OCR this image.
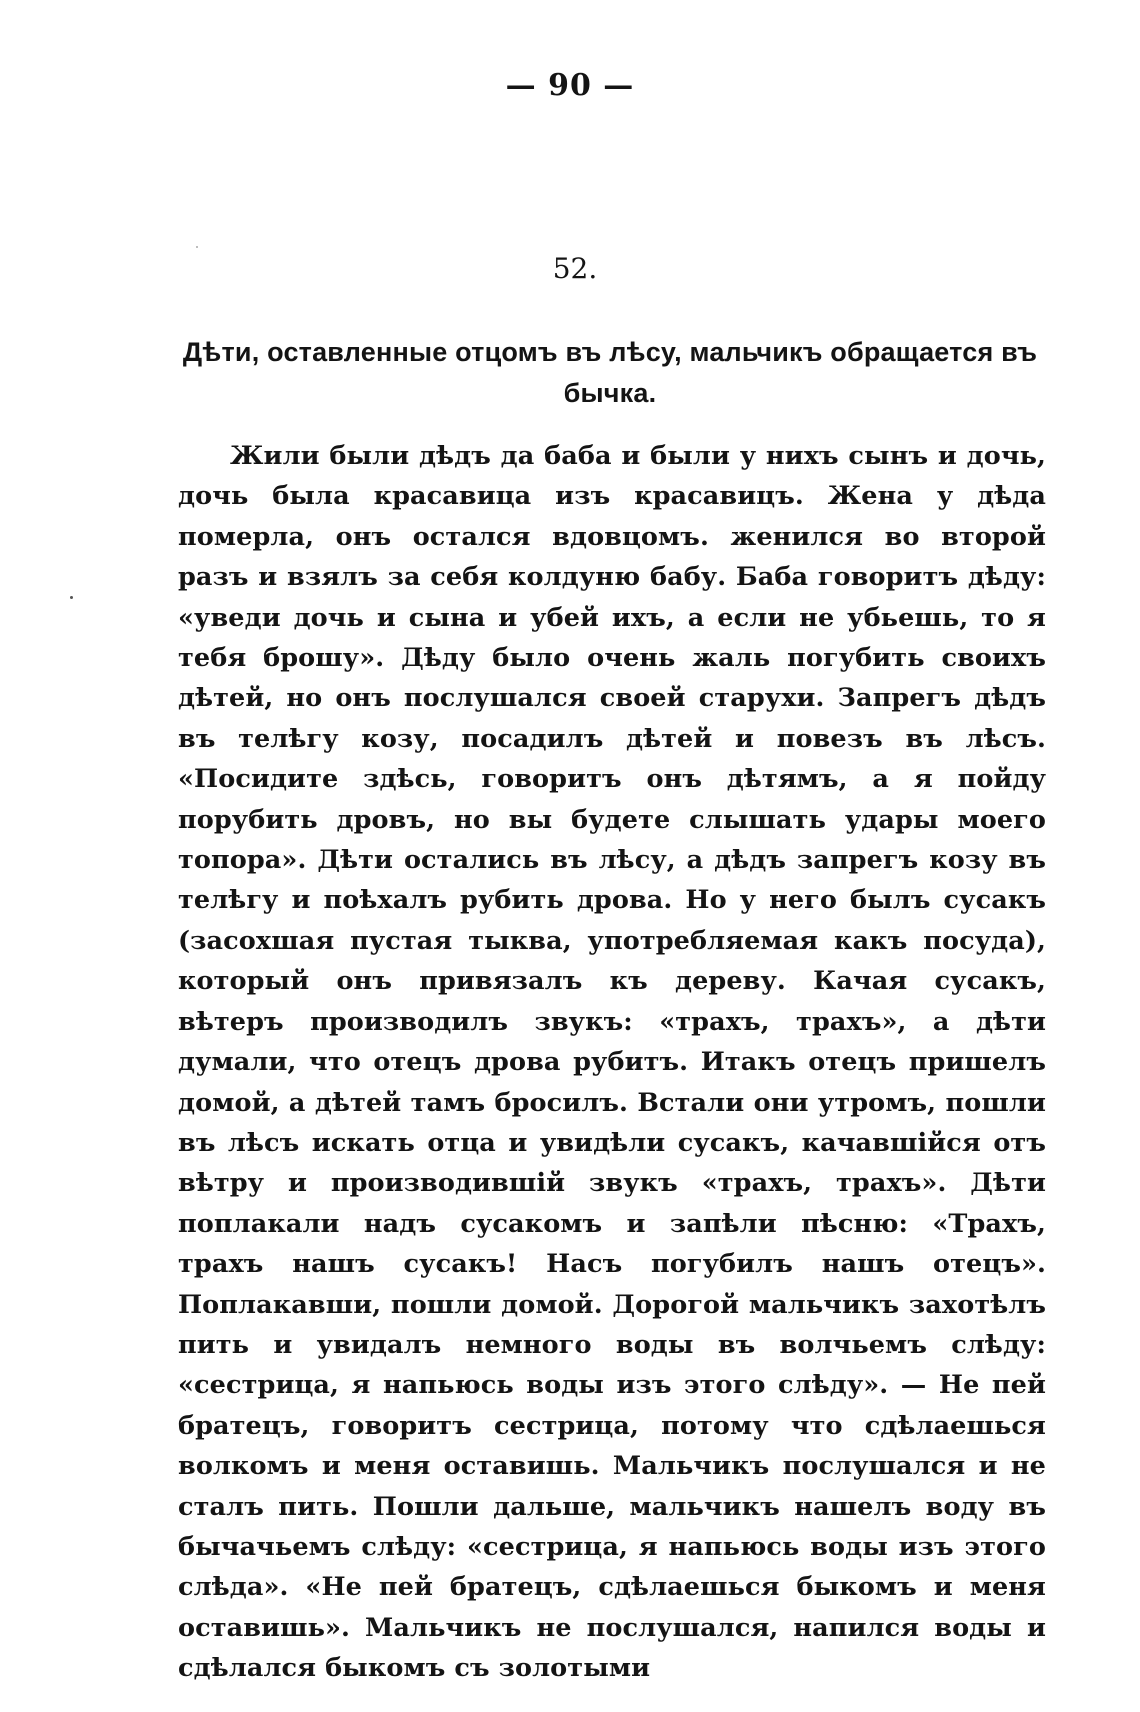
— 90 —
52.
Дѣти, оставленные отцомъ въ лѣсу, мальчикъ обращается въ бычка.

Жили были дѣдъ да баба и были у нихъ сынъ и дочь, дочь была красавица изъ красавицъ. Жена у дѣда померла, онъ остался вдовцомъ. женился во второй разъ и взялъ за себя колдуню бабу. Баба говоритъ дѣду: «уведи дочь и сына и убей ихъ, а если не убьешь, то я тебя брошу». Дѣду было очень жаль погубить своихъ дѣтей, но онъ послушался своей старухи. Запрегъ дѣдъ въ телѣгу козу, посадилъ дѣтей и повезъ въ лѣсъ. «Посидите здѣсь, говоритъ онъ дѣтямъ, а я пойду порубить дровъ, но вы будете слышать удары моего топора». Дѣти остались въ лѣсу, а дѣдъ запрегъ козу въ телѣгу и поѣхалъ рубить дрова. Но у него былъ сусакъ (засохшая пустая тыква, употребляемая какъ посуда), который онъ привязалъ къ дереву. Качая сусакъ, вѣтеръ производилъ звукъ: «трахъ, трахъ», а дѣти думали, что отецъ дрова рубитъ. Итакъ отецъ пришелъ домой, а дѣтей тамъ бросилъ. Встали они утромъ, пошли въ лѣсъ искать отца и увидѣли сусакъ, качавшійся отъ вѣтру и производившій звукъ «трахъ, трахъ». Дѣти поплакали надъ сусакомъ и запѣли пѣсню: «Трахъ, трахъ нашъ сусакъ! Насъ погубилъ нашъ отецъ». Поплакавши, пошли домой. Дорогой мальчикъ захотѣлъ пить и увидалъ немного воды въ волчьемъ слѣду: «сестрица, я напьюсь воды изъ этого слѣду». — Не пей братецъ, говоритъ сестрица, потому что сдѣлаешься волкомъ и меня оставишь. Мальчикъ послушался и не сталъ пить. Пошли дальше, мальчикъ нашелъ воду въ бычачьемъ слѣду: «сестрица, я напьюсь воды изъ этого слѣда». «Не пей братецъ, сдѣлаешься быкомъ и меня оставишь». Мальчикъ не послушался, напился воды и сдѣлался быкомъ съ золотыми
